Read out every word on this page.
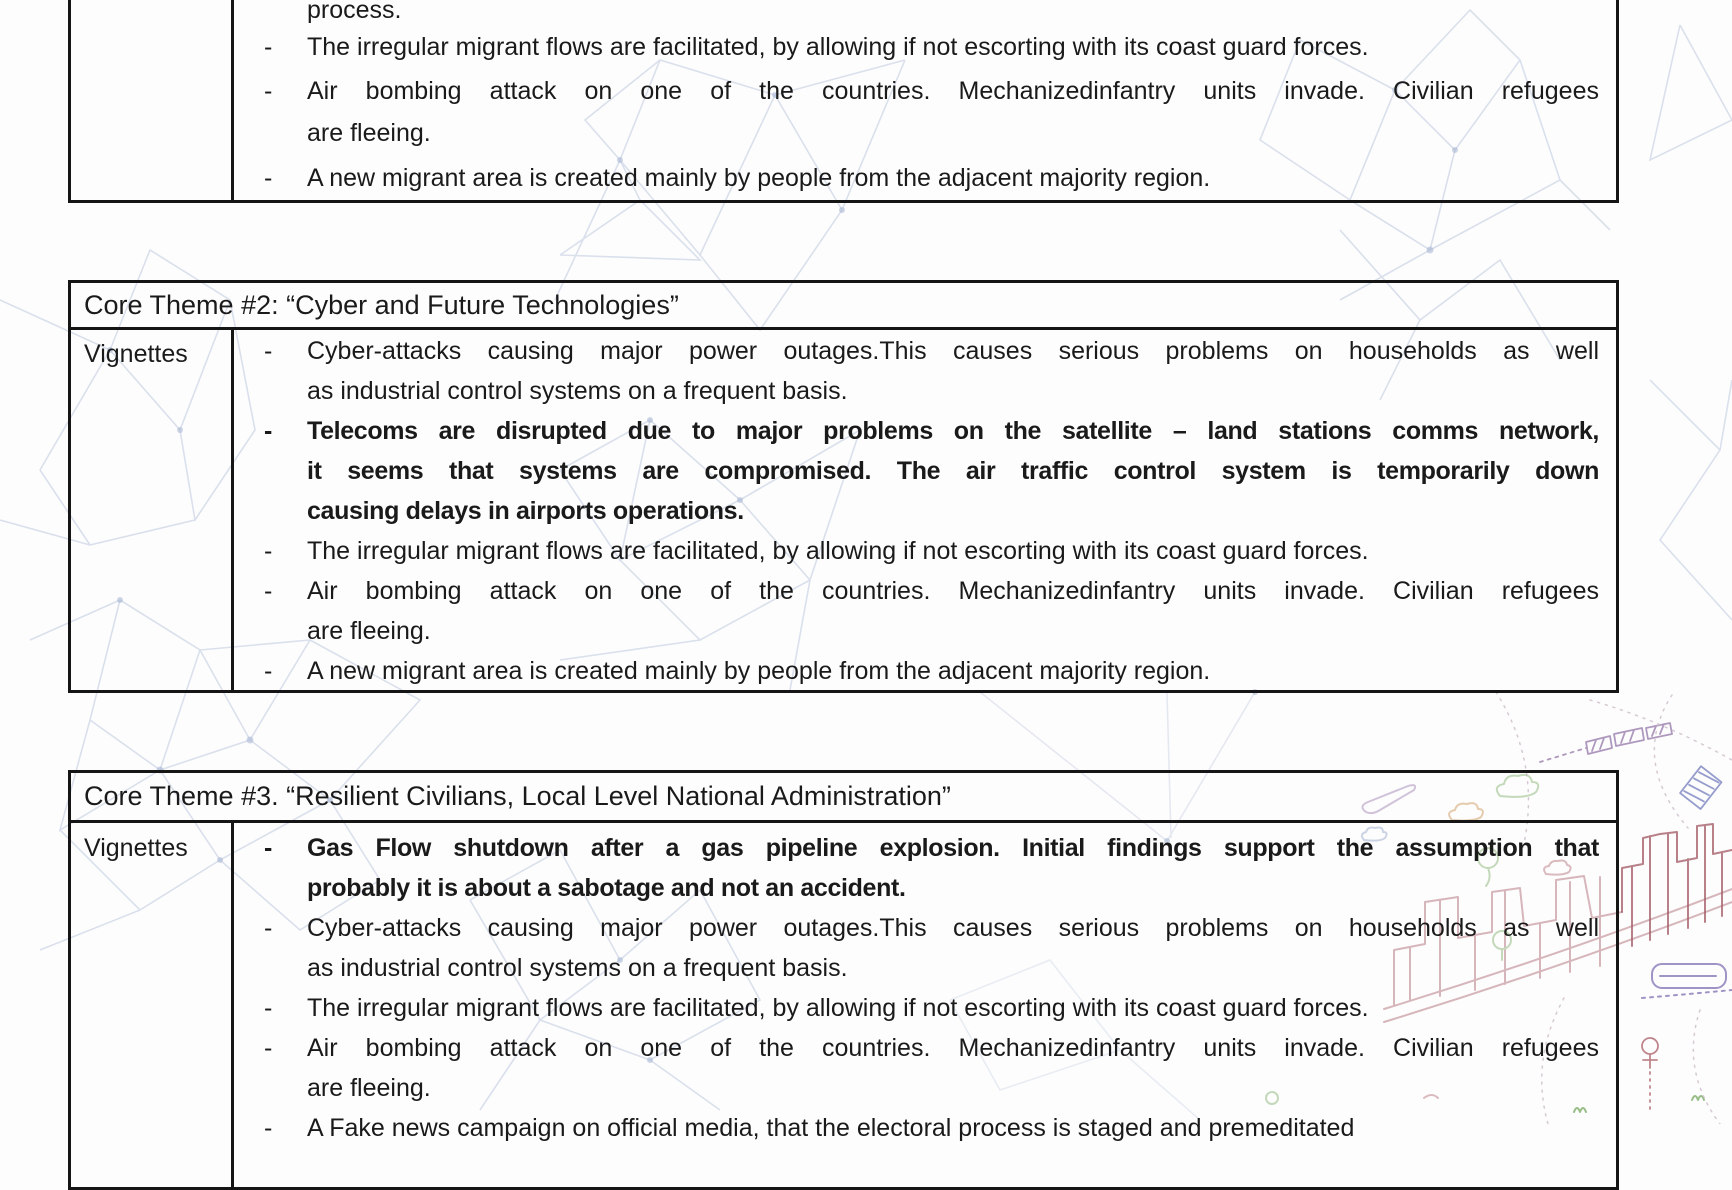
process.
- The irregular migrant flows are facilitated, by allowing if not escorting with its coast guard forces.
- Air bombing attack on one of the countries. Mechanizedinfantry units invade. Civilian refugees
are fleeing.
- A new migrant area is created mainly by people from the adjacent majority region.
Core Theme #2: “Cyber and Future Technologies”
Vignettes	- Cyber-attacks causing major power outages.This causes serious problems on households as well
as industrial control systems on a frequent basis.
- Telecoms are disrupted due to major problems on the satellite – land stations comms network,
it seems that systems are compromised. The air traffic control system is temporarily down
causing delays in airports operations.
- The irregular migrant flows are facilitated, by allowing if not escorting with its coast guard forces.
- Air bombing attack on one of the countries. Mechanizedinfantry units invade. Civilian refugees
are fleeing.
- A new migrant area is created mainly by people from the adjacent majority region.
Core Theme #3. “Resilient Civilians, Local Level National Administration”
Vignettes	- Gas Flow shutdown after a gas pipeline explosion. Initial findings support the assumption that
probably it is about a sabotage and not an accident.
- Cyber-attacks causing major power outages.This causes serious problems on households as well
as industrial control systems on a frequent basis.
- The irregular migrant flows are facilitated, by allowing if not escorting with its coast guard forces.
- Air bombing attack on one of the countries. Mechanizedinfantry units invade. Civilian refugees
are fleeing.
- A Fake news campaign on official media, that the electoral process is staged and premeditated
